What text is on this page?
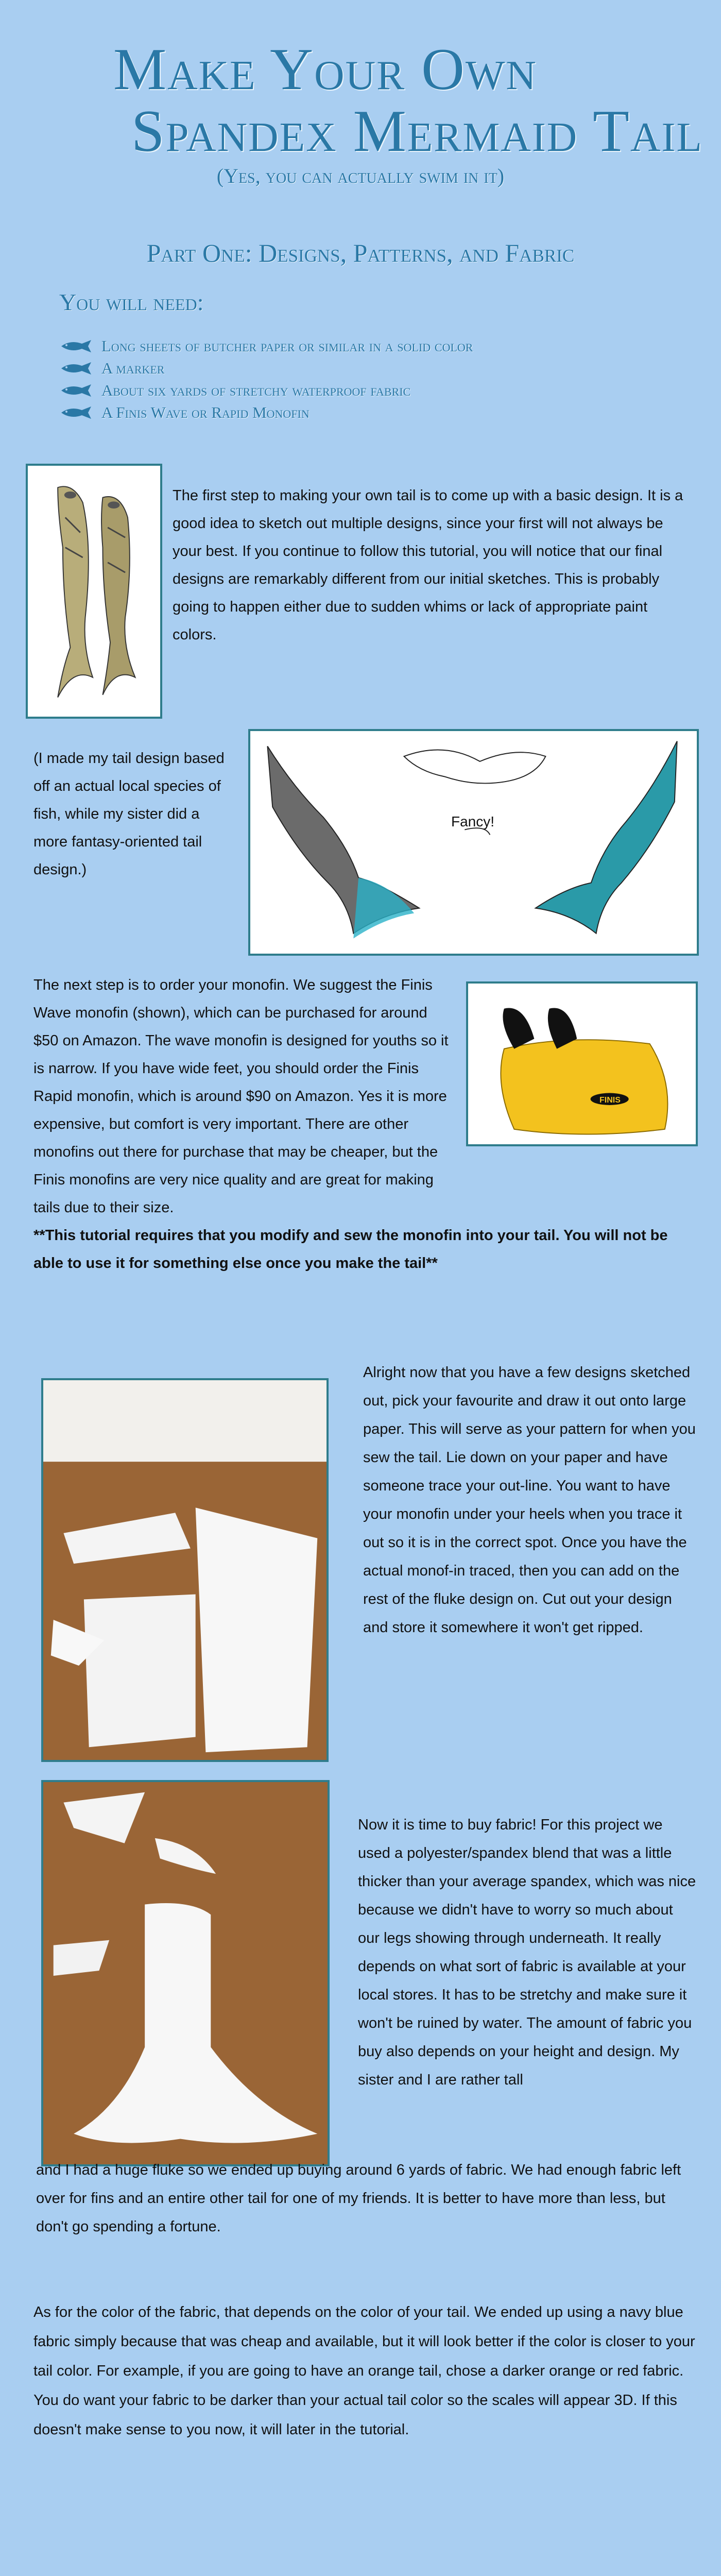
Make Your Own
Spandex Mermaid Tail
(Yes, you can actually swim in it)
Part One: Designs, Patterns, and Fabric
You will need:
Long sheets of butcher paper or similar in a solid color
A marker
About six yards of stretchy waterproof fabric
A Finis Wave or Rapid Monofin

The first step to making your own tail is to come up with a basic design. It is a good idea to sketch out multiple designs, since your first will not always be your best. If you continue to follow this tutorial, you will notice that our final designs are remarkably different from our initial sketches. This is probably going to happen either due to sudden whims or lack of appropriate paint colors.

(I made my tail design based off an actual local species of fish, while my sister did a more fantasy-oriented tail design.)

Fancy!
FINIS

The next step is to order your monofin. We suggest the Finis Wave monofin (shown), which can be purchased for around $50 on Amazon. The wave monofin is designed for youths so it is narrow. If you have wide feet, you should order the Finis Rapid monofin, which is around $90 on Amazon. Yes it is more expensive, but comfort is very important. There are other monofins out there for purchase that may be cheaper, but the Finis monofins are very nice quality and are great for making tails due to their size.

**This tutorial requires that you modify and sew the monofin into your tail. You will not be able to use it for something else once you make the tail**

Alright now that you have a few designs sketched out, pick your favourite and draw it out onto large paper. This will serve as your pattern for when you sew the tail. Lie down on your paper and have someone trace your out-line. You want to have your monofin under your heels when you trace it out so it is in the correct spot. Once you have the actual monof-in traced, then you can add on the rest of the fluke design on. Cut out your design and store it somewhere it won't get ripped.

Now it is time to buy fabric! For this project we used a polyester/spandex blend that was a little thicker than your average spandex, which was nice because we didn't have to worry so much about our legs showing through underneath. It really depends on what sort of fabric is available at your local stores. It has to be stretchy and make sure it won't be ruined by water. The amount of fabric you buy also depends on your height and design. My sister and I are rather tall

and I had a huge fluke so we ended up buying around 6 yards of fabric. We had enough fabric left over for fins and an entire other tail for one of my friends. It is better to have more than less, but don't go spending a fortune.

As for the color of the fabric, that depends on the color of your tail. We ended up using a navy blue fabric simply because that was cheap and available, but it will look better if the color is closer to your tail color. For example, if you are going to have an orange tail, chose a darker orange or red fabric. You do want your fabric to be darker than your actual tail color so the scales will appear 3D. If this doesn't make sense to you now, it will later in the tutorial.
